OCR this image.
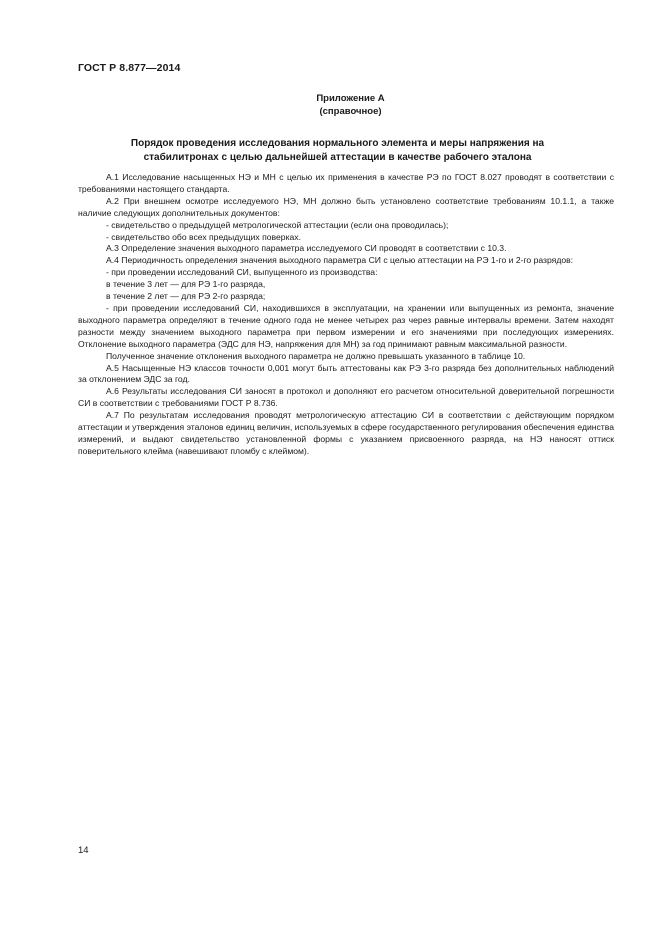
ГОСТ Р 8.877—2014
Приложение А
(справочное)
Порядок проведения исследования нормального элемента и меры напряжения на
стабилитронах с целью дальнейшей аттестации в качестве рабочего эталона

А.1 Исследование насыщенных НЭ и МН с целью их применения в качестве РЭ по ГОСТ 8.027 проводят в соответствии с требованиями настоящего стандарта.

А.2 При внешнем осмотре исследуемого НЭ, МН должно быть установлено соответствие требованиям 10.1.1, а также наличие следующих дополнительных документов:

- свидетельство о предыдущей метрологической аттестации (если она проводилась);

- свидетельство обо всех предыдущих поверках.

А.3 Определение значения выходного параметра исследуемого СИ проводят в соответствии с 10.3.

А.4 Периодичность определения значения выходного параметра СИ с целью аттестации на РЭ 1-го и 2-го разрядов:

- при проведении исследований СИ, выпущенного из производства:

в течение 3 лет — для РЭ 1-го разряда,

в течение 2 лет — для РЭ 2-го разряда;

- при проведении исследований СИ, находившихся в эксплуатации, на хранении или выпущенных из ремонта, значение выходного параметра определяют в течение одного года не менее четырех раз через равные интервалы времени. Затем находят разности между значением выходного параметра при первом измерении и его значениями при последующих измерениях. Отклонение выходного параметра (ЭДС для НЭ, напряжения для МН) за год принимают равным максимальной разности.

Полученное значение отклонения выходного параметра не должно превышать указанного в таблице 10.

А.5 Насыщенные НЭ классов точности 0,001 могут быть аттестованы как РЭ 3-го разряда без дополнительных наблюдений за отклонением ЭДС за год.

А.6 Результаты исследования СИ заносят в протокол и дополняют его расчетом относительной доверительной погрешности СИ в соответствии с требованиями ГОСТ Р 8.736.

А.7 По результатам исследования проводят метрологическую аттестацию СИ в соответствии с действующим порядком аттестации и утверждения эталонов единиц величин, используемых в сфере государственного регулирования обеспечения единства измерений, и выдают свидетельство установленной формы с указанием присвоенного разряда, на НЭ наносят оттиск поверительного клейма (навешивают пломбу с клеймом).

14
